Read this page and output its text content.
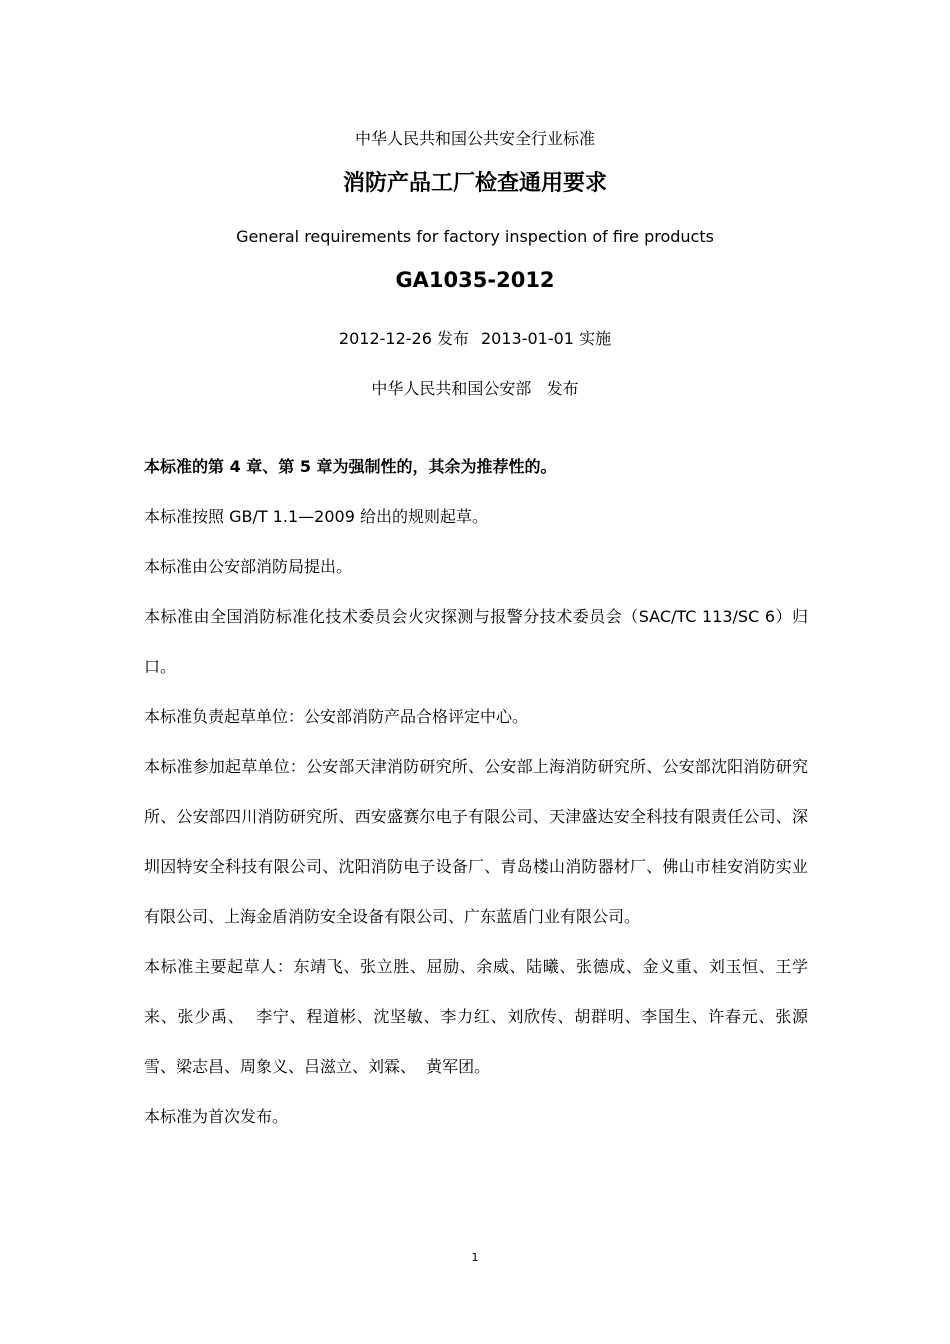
中华人民共和国公共安全行业标准
消防产品工厂检查通用要求
General requirements for factory inspection of fire products
GA1035-2012
2012-12-26 发布 2013-01-01 实施
中华人民共和国公安部   发布

本标准的第 4 章、第 5 章为强制性的，其余为推荐性的。

本标准按照 GB/T 1.1—2009 给出的规则起草。

本标准由公安部消防局提出。

本标准由全国消防标准化技术委员会火灾探测与报警分技术委员会（SAC/TC 113/SC 6）归口。

本标准负责起草单位：公安部消防产品合格评定中心。

本标准参加起草单位：公安部天津消防研究所、公安部上海消防研究所、公安部沈阳消防研究所、公安部四川消防研究所、西安盛赛尔电子有限公司、天津盛达安全科技有限责任公司、深圳因特安全科技有限公司、沈阳消防电子设备厂、青岛楼山消防器材厂、佛山市桂安消防实业有限公司、上海金盾消防安全设备有限公司、广东蓝盾门业有限公司。

本标准主要起草人：东靖飞、张立胜、屈励、余威、陆曦、张德成、金义重、刘玉恒、王学来、张少禹、  李宁、程道彬、沈坚敏、李力红、刘欣传、胡群明、李国生、许春元、张源雪、梁志昌、周象义、吕滋立、刘霖、  黄军团。

本标准为首次发布。

1
